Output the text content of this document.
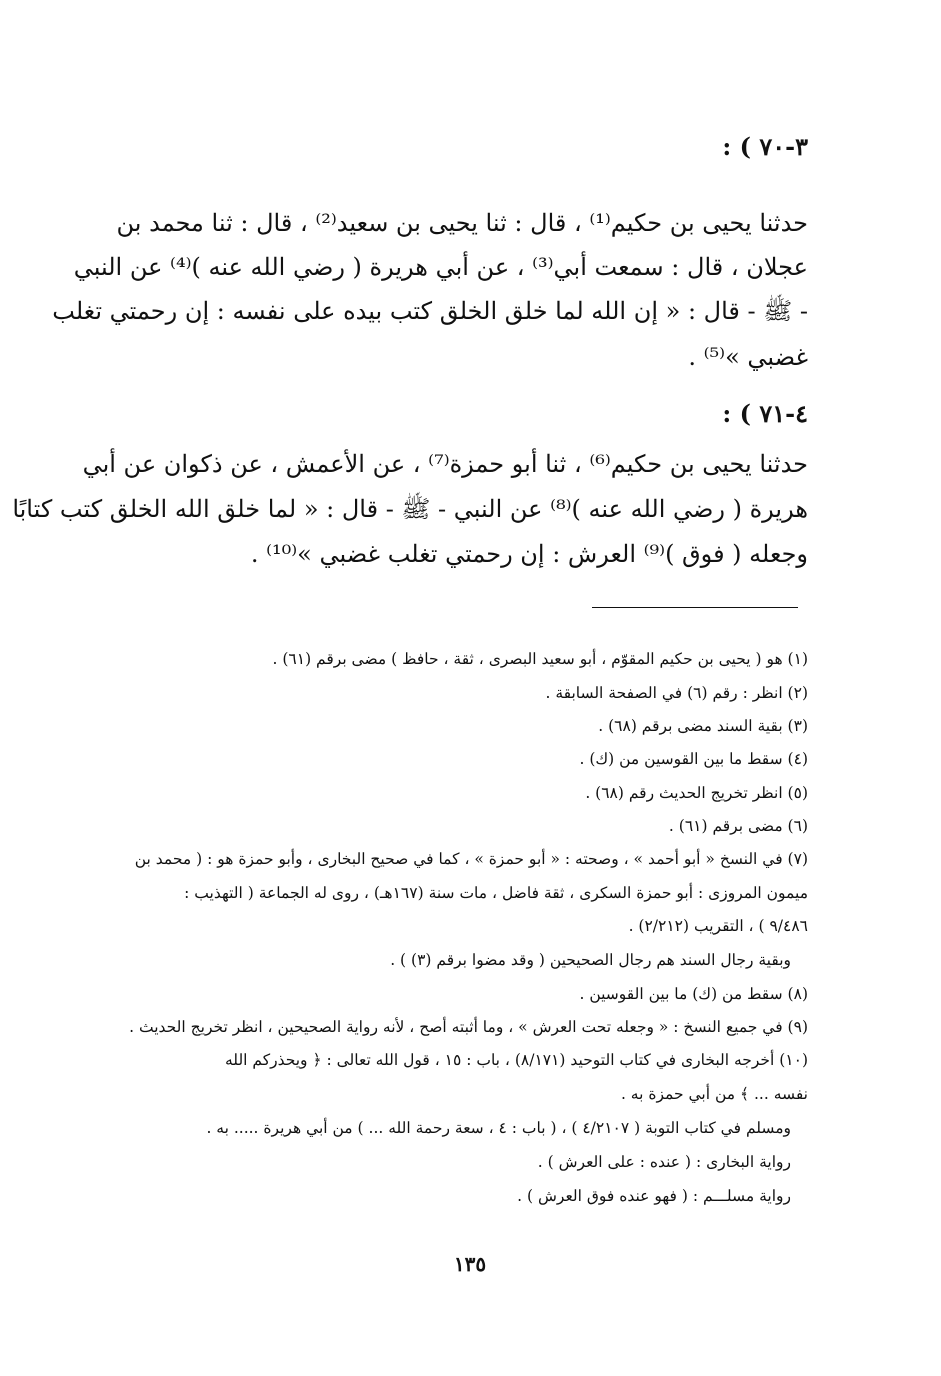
٣-٧٠ ) :
حدثنا يحيى بن حكيم⁽¹⁾ ، قال : ثنا يحيى بن سعيد⁽²⁾ ، قال : ثنا محمد بن
عجلان ، قال : سمعت أبي⁽³⁾ ، عن أبي هريرة ( رضي الله عنه )⁽⁴⁾ عن النبي
- ﷺ - قال : « إن الله لما خلق الخلق كتب بيده على نفسه : إن رحمتي تغلب
غضبي »⁽⁵⁾ .
٤-٧١ ) :
حدثنا يحيى بن حكيم⁽⁶⁾ ، ثنا أبو حمزة⁽⁷⁾ ، عن الأعمش ، عن ذكوان عن أبي
هريرة ( رضي الله عنه )⁽⁸⁾ عن النبي - ﷺ - قال : « لما خلق الله الخلق كتب كتابًا
وجعله ( فوق )⁽⁹⁾ العرش : إن رحمتي تغلب غضبي »⁽¹⁰⁾ .
(١) هو ( يحيى بن حكيم المقوّم ، أبو سعيد البصرى ، ثقة ، حافظ ) مضى برقم (٦١) .
(٢) انظر : رقم (٦) في الصفحة السابقة .
(٣) بقية السند مضى برقم (٦٨) .
(٤) سقط ما بين القوسين من (ك) .
(٥) انظر تخريج الحديث رقم (٦٨) .
(٦) مضى برقم (٦١) .
(٧) في النسخ « أبو أحمد » ، وصحته : « أبو حمزة » ، كما في صحيح البخارى ، وأبو حمزة هو : ( محمد بن
ميمون المروزى : أبو حمزة السكرى ، ثقة فاضل ، مات سنة (١٦٧هـ) ، روى له الجماعة ( التهذيب :
٩/٤٨٦ ) ، التقريب (٢/٢١٢) .
وبقية رجال السند هم رجال الصحيحين ( وقد مضوا برقم (٣) ) .
(٨) سقط من (ك) ما بين القوسين .
(٩) في جميع النسخ : « وجعله تحت العرش » ، وما أثبته أصح ، لأنه رواية الصحيحين ، انظر تخريج الحديث .
(١٠) أخرجه البخارى في كتاب التوحيد (٨/١٧١) ، باب : ١٥ ، قول الله تعالى : ﴿ ويحذركم الله
نفسه ... ﴾ من أبي حمزة به .
ومسلم في كتاب التوبة ( ٤/٢١٠٧ ) ، ( باب : ٤ ، سعة رحمة الله ... ) من أبي هريرة ..... به .
رواية البخارى : ( عنده : على العرش ) .
رواية مسلـــم : ( فهو عنده فوق العرش ) .
١٣٥
